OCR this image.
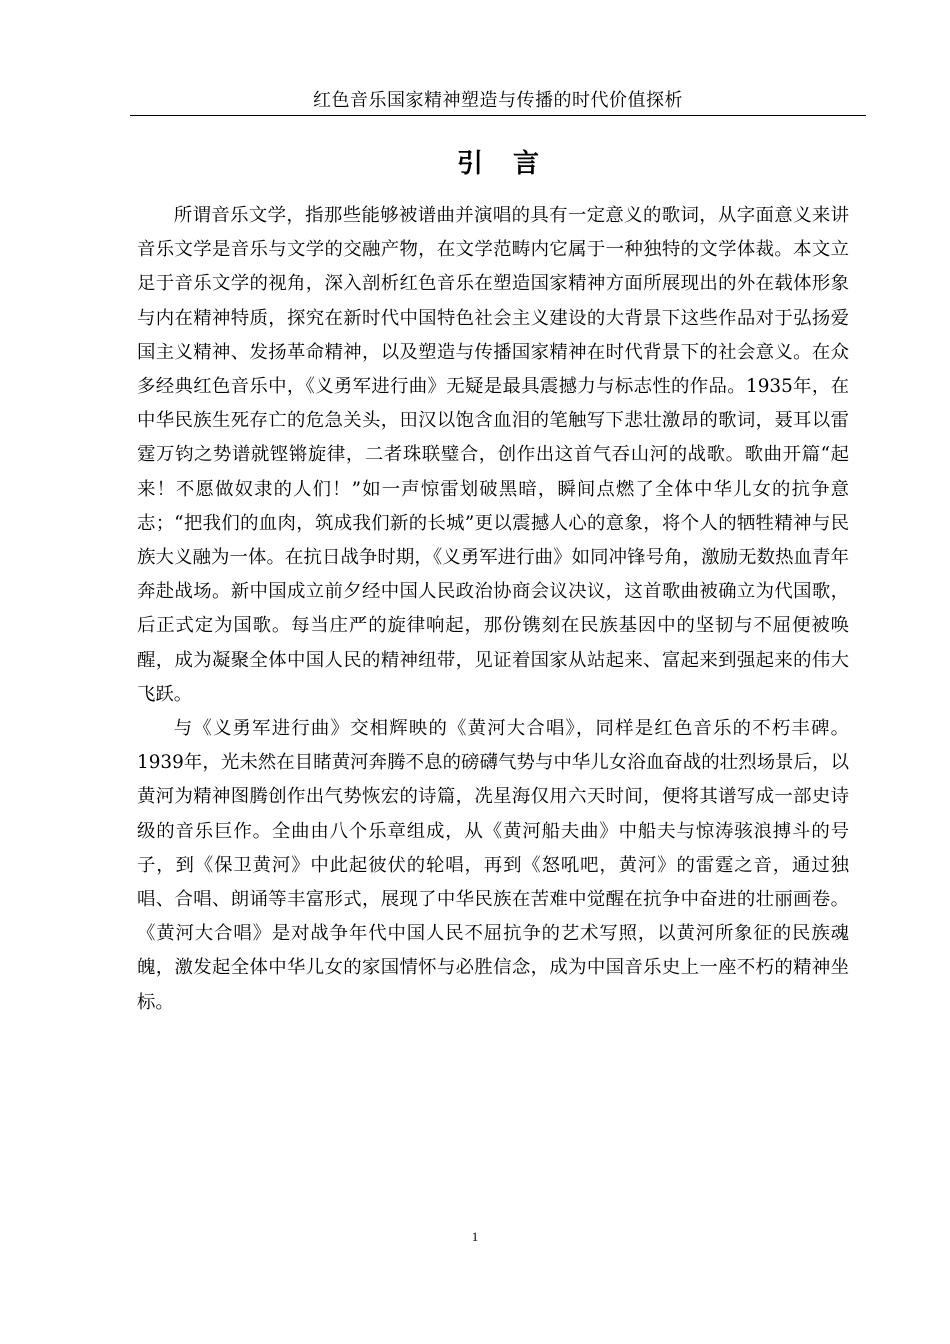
红色音乐国家精神塑造与传播的时代价值探析
引言

所谓音乐文学，指那些能够被谱曲并演唱的具有一定意义的歌词，从字面意义来讲音乐文学是音乐与文学的交融产物，在文学范畴内它属于一种独特的文学体裁。本文立足于音乐文学的视角，深入剖析红色音乐在塑造国家精神方面所展现出的外在载体形象与内在精神特质，探究在新时代中国特色社会主义建设的大背景下这些作品对于弘扬爱国主义精神、发扬革命精神，以及塑造与传播国家精神在时代背景下的社会意义。在众多经典红色音乐中，《义勇军进行曲》无疑是最具震撼力与标志性的作品。1935年，在中华民族生死存亡的危急关头，田汉以饱含血泪的笔触写下悲壮激昂的歌词，聂耳以雷霆万钧之势谱就铿锵旋律，二者珠联璧合，创作出这首气吞山河的战歌。歌曲开篇“起来！不愿做奴隶的人们！”如一声惊雷划破黑暗，瞬间点燃了全体中华儿女的抗争意志；“把我们的血肉，筑成我们新的长城”更以震撼人心的意象，将个人的牺牲精神与民族大义融为一体。在抗日战争时期，《义勇军进行曲》如同冲锋号角，激励无数热血青年奔赴战场。新中国成立前夕经中国人民政治协商会议决议，这首歌曲被确立为代国歌，后正式定为国歌。每当庄严的旋律响起，那份镌刻在民族基因中的坚韧与不屈便被唤醒，成为凝聚全体中国人民的精神纽带，见证着国家从站起来、富起来到强起来的伟大飞跃。

与《义勇军进行曲》交相辉映的《黄河大合唱》，同样是红色音乐的不朽丰碑。1939年，光未然在目睹黄河奔腾不息的磅礴气势与中华儿女浴血奋战的壮烈场景后，以黄河为精神图腾创作出气势恢宏的诗篇，冼星海仅用六天时间，便将其谱写成一部史诗级的音乐巨作。全曲由八个乐章组成，从《黄河船夫曲》中船夫与惊涛骇浪搏斗的号子，到《保卫黄河》中此起彼伏的轮唱，再到《怒吼吧，黄河》的雷霆之音，通过独唱、合唱、朗诵等丰富形式，展现了中华民族在苦难中觉醒在抗争中奋进的壮丽画卷。《黄河大合唱》是对战争年代中国人民不屈抗争的艺术写照，以黄河所象征的民族魂魄，激发起全体中华儿女的家国情怀与必胜信念，成为中国音乐史上一座不朽的精神坐标。

1
